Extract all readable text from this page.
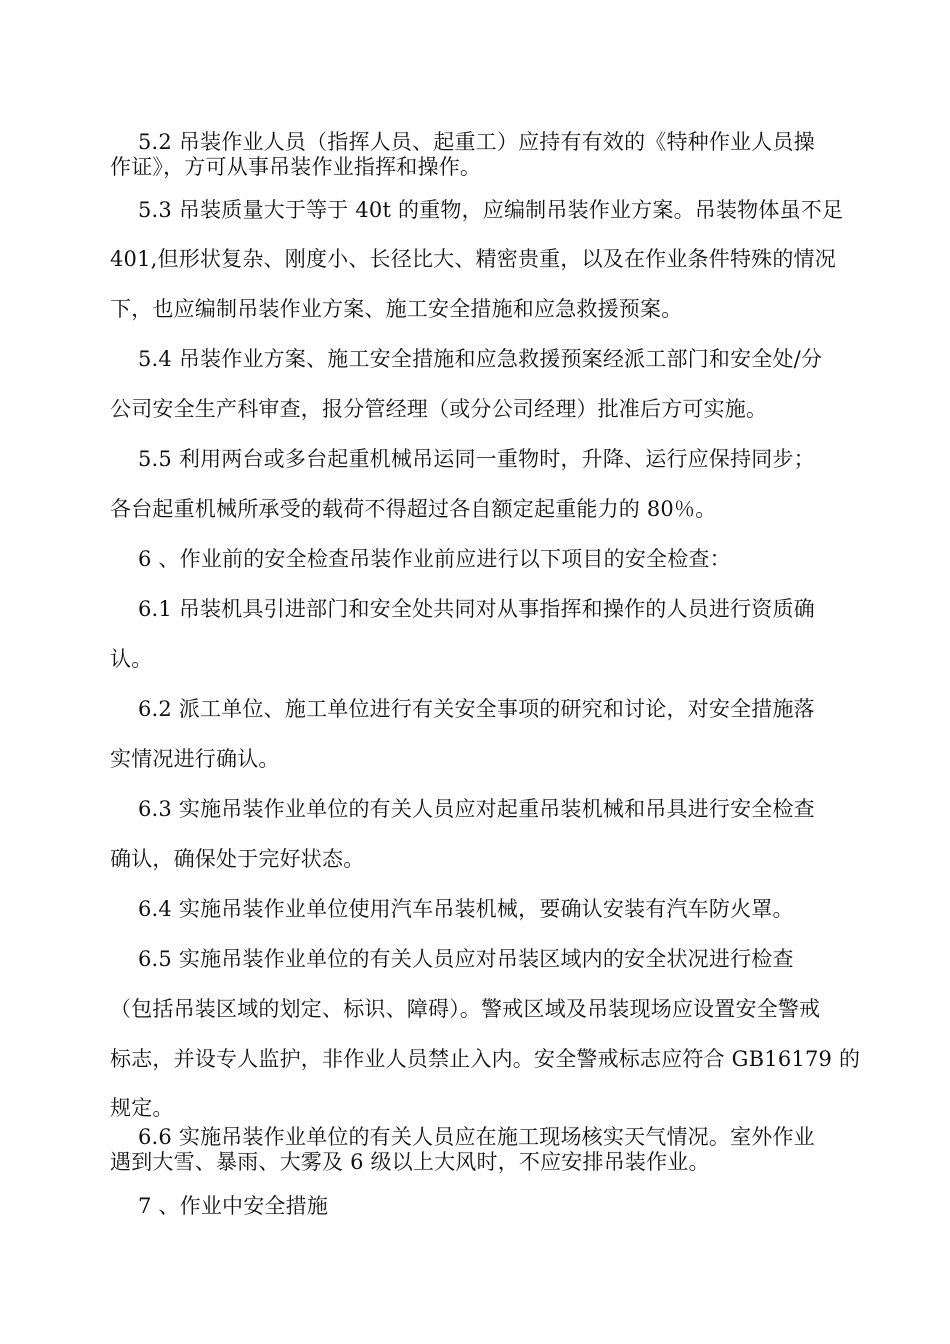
5.2 吊装作业人员（指挥人员、起重工）应持有有效的《特种作业人员操
作证》，方可从事吊装作业指挥和操作。
5.3 吊装质量大于等于 40t 的重物，应编制吊装作业方案。吊装物体虽不足
401,但形状复杂、刚度小、长径比大、精密贵重，以及在作业条件特殊的情况
下，也应编制吊装作业方案、施工安全措施和应急救援预案。
5.4 吊装作业方案、施工安全措施和应急救援预案经派工部门和安全处/分
公司安全生产科审查，报分管经理（或分公司经理）批准后方可实施。
5.5 利用两台或多台起重机械吊运同一重物时，升降、运行应保持同步；
各台起重机械所承受的载荷不得超过各自额定起重能力的 80％。
6 、作业前的安全检查吊装作业前应进行以下项目的安全检查：
6.1 吊装机具引进部门和安全处共同对从事指挥和操作的人员进行资质确
认。
6.2 派工单位、施工单位进行有关安全事项的研究和讨论，对安全措施落
实情况进行确认。
6.3 实施吊装作业单位的有关人员应对起重吊装机械和吊具进行安全检查
确认，确保处于完好状态。
6.4 实施吊装作业单位使用汽车吊装机械，要确认安装有汽车防火罩。
6.5 实施吊装作业单位的有关人员应对吊装区域内的安全状况进行检查
（包括吊装区域的划定、标识、障碍）。警戒区域及吊装现场应设置安全警戒
标志，并设专人监护，非作业人员禁止入内。安全警戒标志应符合 GB16179 的
规定。
6.6 实施吊装作业单位的有关人员应在施工现场核实天气情况。室外作业
遇到大雪、暴雨、大雾及 6 级以上大风时，不应安排吊装作业。
7 、作业中安全措施
